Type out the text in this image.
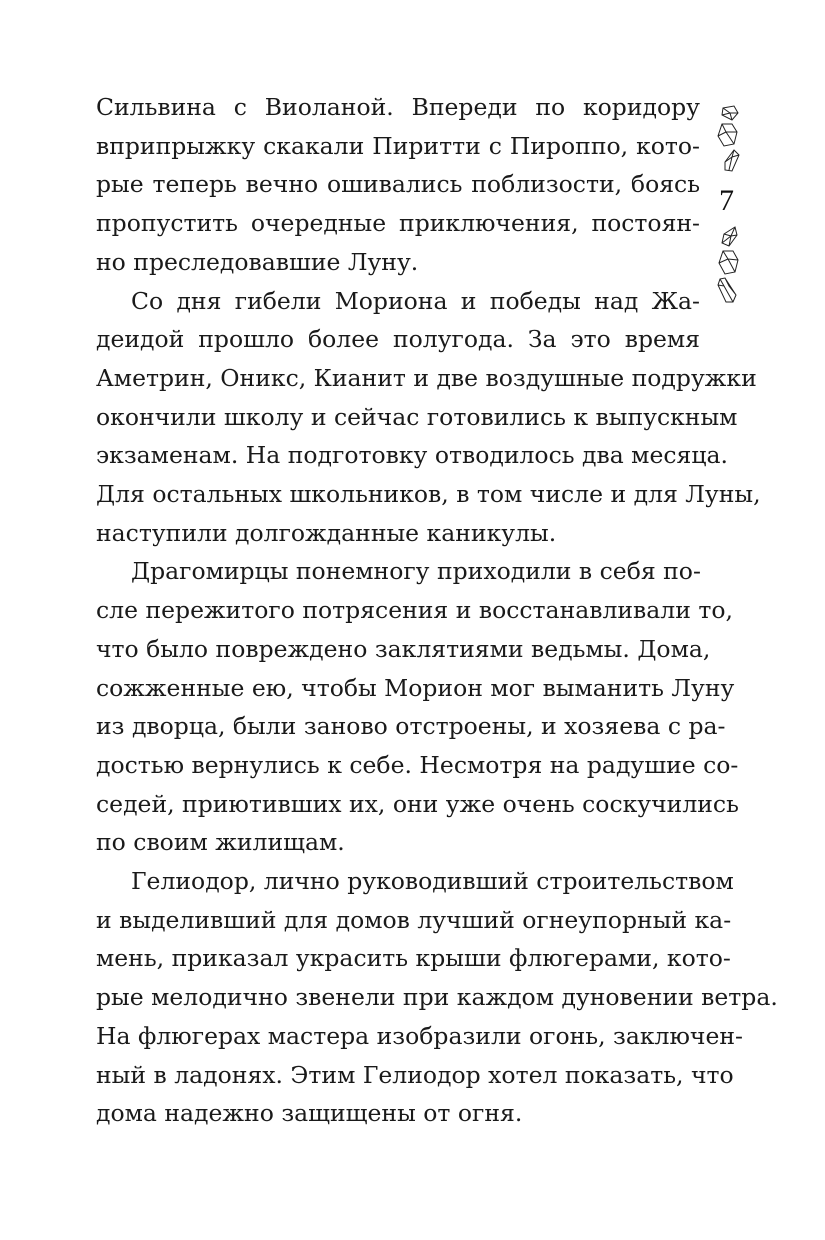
Сильвина с Виоланой. Впереди по коридору
вприпрыжку скакали Пиритти с Пироппо, кото-
рые теперь вечно ошивались поблизости, боясь
пропустить очередные приключения, постоян-
но преследовавшие Луну.
Со дня гибели Мориона и победы над Жа-
деидой прошло более полугода. За это время
Аметрин, Оникс, Кианит и две воздушные подружки
окончили школу и сейчас готовились к выпускным
экзаменам. На подготовку отводилось два месяца.
Для остальных школьников, в том числе и для Луны,
наступили долгожданные каникулы.
Драгомирцы понемногу приходили в себя по-
сле пережитого потрясения и восстанавливали то,
что было повреждено заклятиями ведьмы. Дома,
сожженные ею, чтобы Морион мог выманить Луну
из дворца, были заново отстроены, и хозяева с ра-
достью вернулись к себе. Несмотря на радушие со-
седей, приютивших их, они уже очень соскучились
по своим жилищам.
Гелиодор, лично руководивший строительством
и выделивший для домов лучший огнеупорный ка-
мень, приказал украсить крыши флюгерами, кото-
рые мелодично звенели при каждом дуновении ветра.
На флюгерах мастера изобразили огонь, заключен-
ный в ладонях. Этим Гелиодор хотел показать, что
дома надежно защищены от огня.
7
